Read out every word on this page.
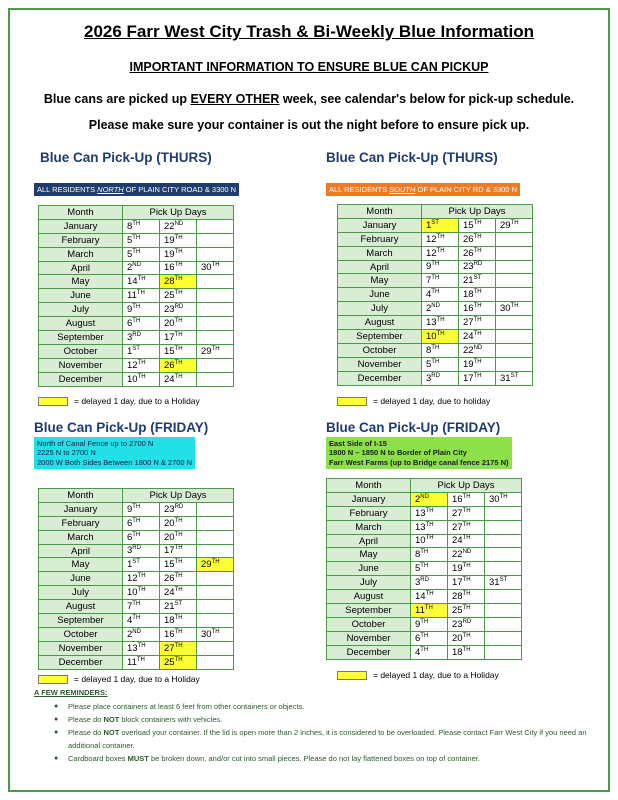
2026 Farr West City Trash & Bi-Weekly Blue Information
IMPORTANT INFORMATION TO ENSURE BLUE CAN PICKUP
Blue cans are picked up EVERY OTHER week, see calendar's below for pick-up schedule.
Please make sure your container is out the night before to ensure pick up.
Blue Can Pick-Up (THURS)
ALL RESIDENTS NORTH OF PLAIN CITY ROAD & 3300 N
Month	Pick Up Days		
January	8TH	22ND	
February	5TH	19TH	
March	5TH	19TH	
April	2ND	16TH	30TH
May	14TH	28TH	
June	11TH	25TH	
July	9TH	23RD	
August	6TH	20TH	
September	3RD	17TH	
October	1ST	15TH	29TH
November	12TH	26TH	
December	10TH	24TH	
= delayed 1 day, due to a Holiday
Blue Can Pick-Up (THURS)
ALL RESIDENTS SOUTH OF PLAIN CITY RD & 3300 N
Month	Pick Up Days		
January	1ST	15TH	29TH
February	12TH	26TH	
March	12TH	26TH	
April	9TH	23RD	
May	7TH	21ST	
June	4TH	18TH	
July	2ND	16TH	30TH
August	13TH	27TH	
September	10TH	24TH	
October	8TH	22ND	
November	5TH	19TH	
December	3RD	17TH	31ST
= delayed 1 day, due to holiday
Blue Can Pick-Up (FRIDAY)
North of Canal Fence up to 2700 N
2225 N to 2700 N
2000 W Both Sides Between 1800 N & 2700 N
Month	Pick Up Days		
January	9TH	23RD	
February	6TH	20TH	
March	6TH	20TH	
April	3RD	17TH	
May	1ST	15TH	29TH
June	12TH	26TH	
July	10TH	24TH	
August	7TH	21ST	
September	4TH	18TH	
October	2ND	16TH	30TH
November	13TH	27TH	
December	11TH	25TH	
= delayed 1 day, due to a Holiday
Blue Can Pick-Up (FRIDAY)
East Side of I-15
1800 N – 1850 N to Border of Plain City
Farr West Farms (up to Bridge canal fence 2175 N)
Month	Pick Up Days		
January	2ND	16TH	30TH
February	13TH	27TH	
March	13TH	27TH	
April	10TH	24TH	
May	8TH	22ND	
June	5TH	19TH	
July	3RD	17TH	31ST
August	14TH	28TH	
September	11TH	25TH	
October	9TH	23RD	
November	6TH	20TH	
December	4TH	18TH	
= delayed 1 day, due to a Holiday
A FEW REMINDERS:
● Please place containers at least 6 feet from other containers or objects.
● Please do NOT block containers with vehicles.
● Please do NOT overload your container. If the lid is open more than 2 inches, it is considered to be overloaded. Please contact Farr West City if you need an additional container.
● Cardboard boxes MUST be broken down, and/or cut into small pieces. Please do not lay flattened boxes on top of container.
